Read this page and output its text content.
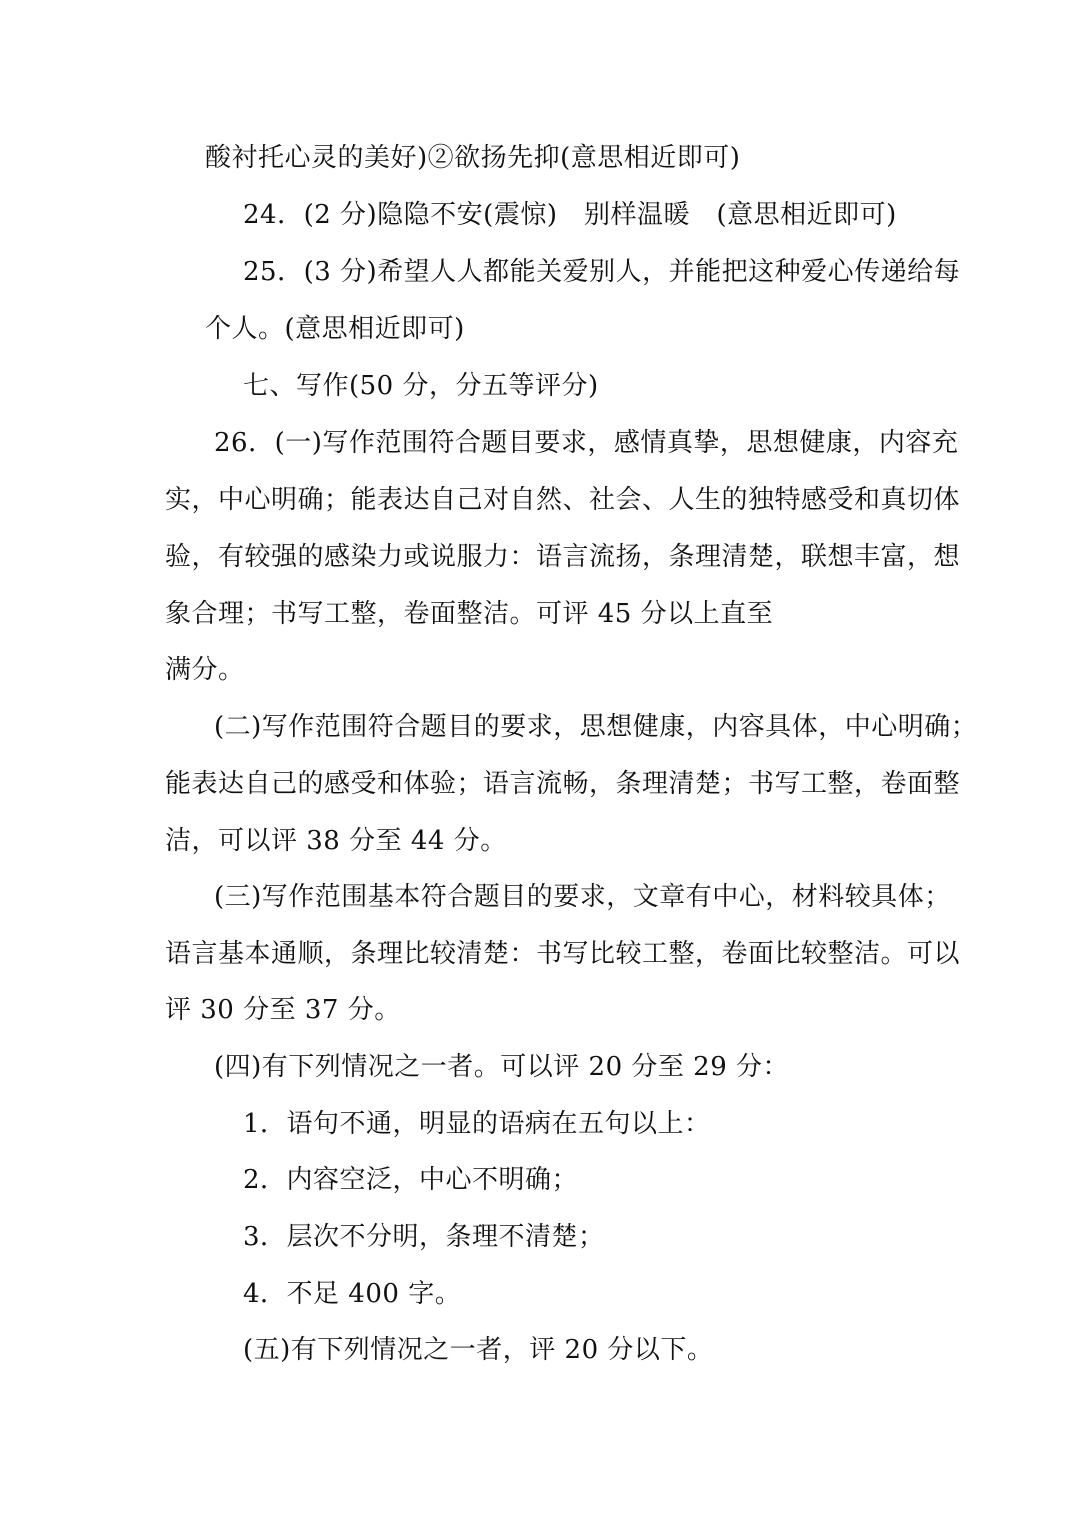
酸衬托心灵的美好)②欲扬先抑(意思相近即可)
24．(2 分)隐隐不安(震惊)　别样温暖　(意思相近即可)
25．(3 分)希望人人都能关爱别人，并能把这种爱心传递给每
个人。(意思相近即可)
七、写作(50 分，分五等评分)
26．(一)写作范围符合题目要求，感情真挚，思想健康，内容充
实，中心明确；能表达自己对自然、社会、人生的独特感受和真切体
验，有较强的感染力或说服力：语言流扬，条理清楚，联想丰富，想
象合理；书写工整，卷面整洁。可评 45 分以上直至
满分。
(二)写作范围符合题目的要求，思想健康，内容具体，中心明确；
能表达自己的感受和体验；语言流畅，条理清楚；书写工整，卷面整
洁，可以评 38 分至 44 分。
(三)写作范围基本符合题目的要求，文章有中心，材料较具体；
语言基本通顺，条理比较清楚：书写比较工整，卷面比较整洁。可以
评 30 分至 37 分。
(四)有下列情况之一者。可以评 20 分至 29 分：
1．语句不通，明显的语病在五句以上：
2．内容空泛，中心不明确；
3．层次不分明，条理不清楚；
4．不足 400 字。
(五)有下列情况之一者，评 20 分以下。
